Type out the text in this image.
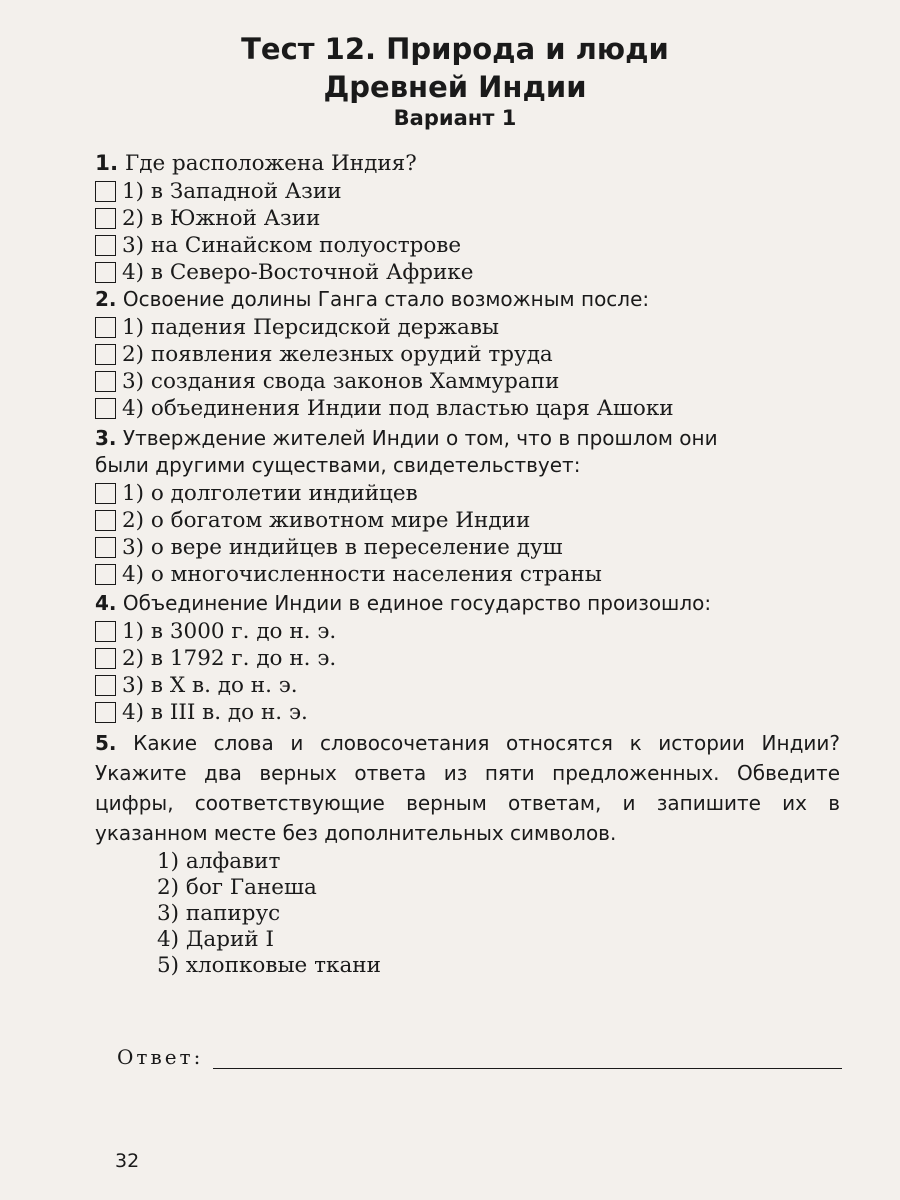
Тест 12. Природа и люди
Древней Индии
Вариант 1
1. Где расположена Индия?
1) в Западной Азии
2) в Южной Азии
3) на Синайском полуострове
4) в Северо-Восточной Африке
2. Освоение долины Ганга стало возможным после:
1) падения Персидской державы
2) появления железных орудий труда
3) создания свода законов Хаммурапи
4) объединения Индии под властью царя Ашоки
3. Утверждение жителей Индии о том, что в прошлом они
были другими существами, свидетельствует:
1) о долголетии индийцев
2) о богатом животном мире Индии
3) о вере индийцев в переселение душ
4) о многочисленности населения страны
4. Объединение Индии в единое государство произошло:
1) в 3000 г. до н. э.
2) в 1792 г. до н. э.
3) в X в. до н. э.
4) в III в. до н. э.
5. Какие слова и словосочетания относятся к истории Индии? Укажите два верных ответа из пяти предложенных. Обведите цифры, соответствующие верным ответам, и запишите их в указанном месте без дополнительных символов.
1) алфавит
2) бог Ганеша
3) папирус
4) Дарий I
5) хлопковые ткани
Ответ:
32
